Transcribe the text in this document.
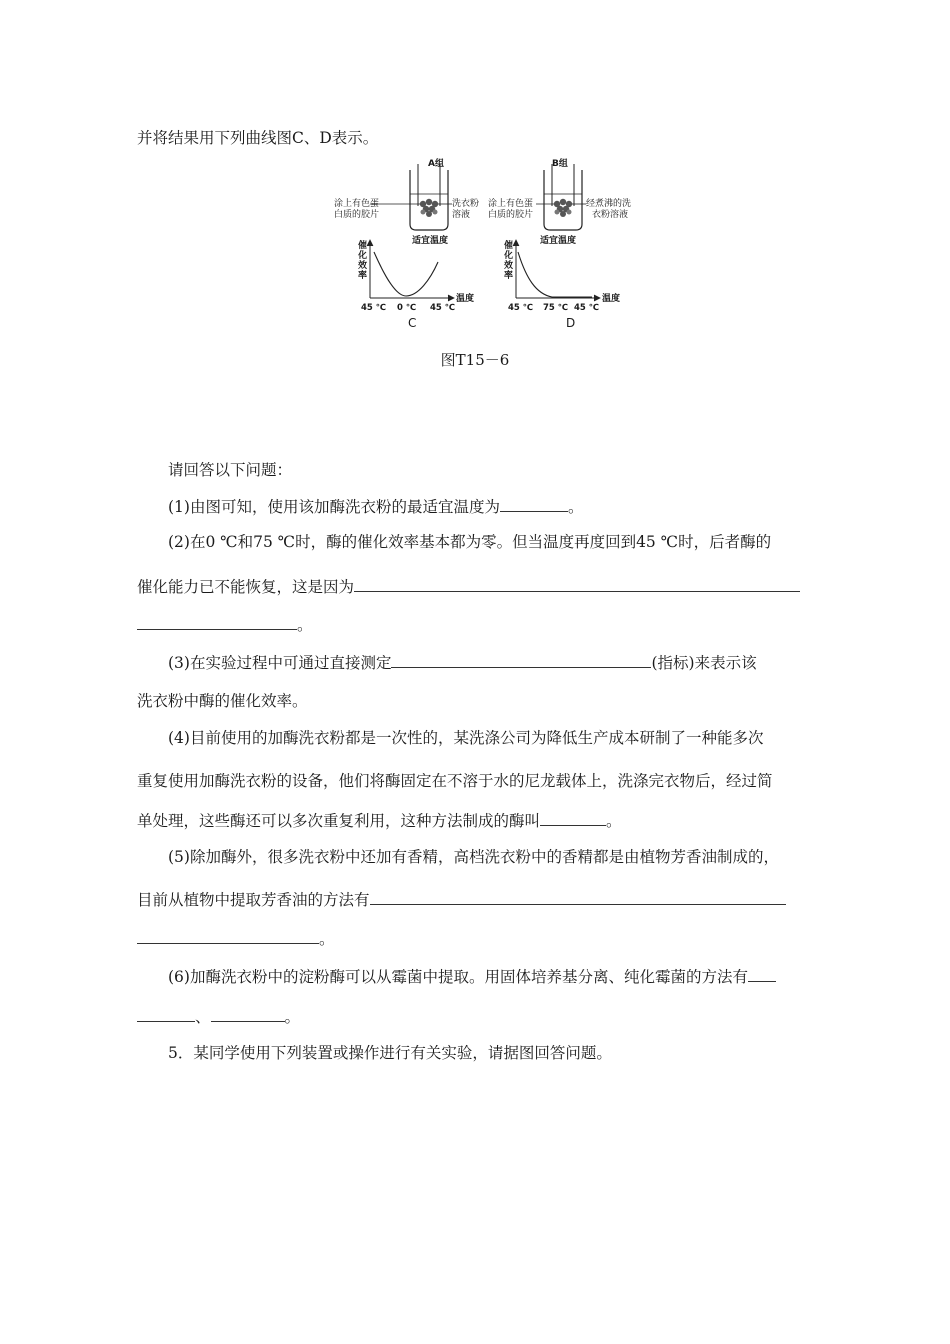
并将结果用下列曲线图C、D表示。
A组
涂上有色蛋
白质的胶片
洗衣粉
溶液
适宜温度
B组
涂上有色蛋
白质的胶片
经煮沸的洗
衣粉溶液
适宜温度
催
化
效
率
温度
45 ℃ 0 ℃ 45 ℃
C
催
化
效
率
温度
45 ℃ 75 ℃ 45 ℃
D
图T15－6
请回答以下问题：
(1)由图可知，使用该加酶洗衣粉的最适宜温度为	。
(2)在0 ℃和75 ℃时，酶的催化效率基本都为零。但当温度再度回到45 ℃时，后者酶的
催化能力已不能恢复，这是因为
。
(3)在实验过程中可通过直接测定	(指标)来表示该
洗衣粉中酶的催化效率。
(4)目前使用的加酶洗衣粉都是一次性的，某洗涤公司为降低生产成本研制了一种能多次
重复使用加酶洗衣粉的设备，他们将酶固定在不溶于水的尼龙载体上，洗涤完衣物后，经过简
单处理，这些酶还可以多次重复利用，这种方法制成的酶叫	。
(5)除加酶外，很多洗衣粉中还加有香精，高档洗衣粉中的香精都是由植物芳香油制成的，
目前从植物中提取芳香油的方法有
。
(6)加酶洗衣粉中的淀粉酶可以从霉菌中提取。用固体培养基分离、纯化霉菌的方法有
、	。
5．某同学使用下列装置或操作进行有关实验，请据图回答问题。
